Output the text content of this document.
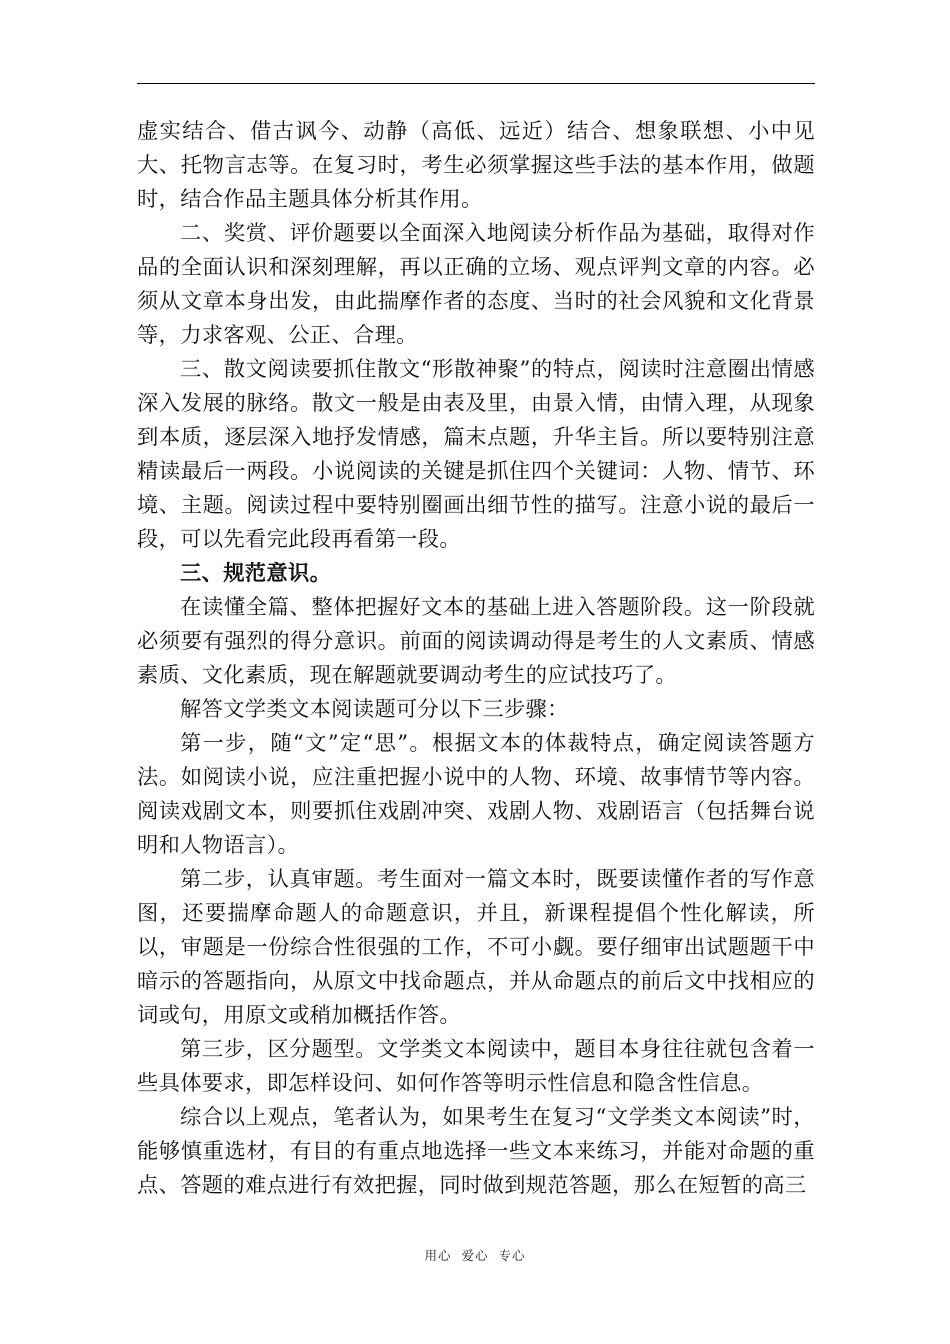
虚实结合、借古讽今、动静（高低、远近）结合、想象联想、小中见大、托物言志等。在复习时，考生必须掌握这些手法的基本作用，做题时，结合作品主题具体分析其作用。

二、奖赏、评价题要以全面深入地阅读分析作品为基础，取得对作品的全面认识和深刻理解，再以正确的立场、观点评判文章的内容。必须从文章本身出发，由此揣摩作者的态度、当时的社会风貌和文化背景等，力求客观、公正、合理。

三、散文阅读要抓住散文“形散神聚”的特点，阅读时注意圈出情感深入发展的脉络。散文一般是由表及里，由景入情，由情入理，从现象到本质，逐层深入地抒发情感，篇末点题，升华主旨。所以要特别注意精读最后一两段。小说阅读的关键是抓住四个关键词：人物、情节、环境、主题。阅读过程中要特别圈画出细节性的描写。注意小说的最后一段，可以先看完此段再看第一段。

三、规范意识。

在读懂全篇、整体把握好文本的基础上进入答题阶段。这一阶段就必须要有强烈的得分意识。前面的阅读调动得是考生的人文素质、情感素质、文化素质，现在解题就要调动考生的应试技巧了。

解答文学类文本阅读题可分以下三步骤：

第一步，随“文”定“思”。根据文本的体裁特点，确定阅读答题方法。如阅读小说，应注重把握小说中的人物、环境、故事情节等内容。阅读戏剧文本，则要抓住戏剧冲突、戏剧人物、戏剧语言（包括舞台说明和人物语言）。

第二步，认真审题。考生面对一篇文本时，既要读懂作者的写作意图，还要揣摩命题人的命题意识，并且，新课程提倡个性化解读，所以，审题是一份综合性很强的工作，不可小觑。要仔细审出试题题干中暗示的答题指向，从原文中找命题点，并从命题点的前后文中找相应的词或句，用原文或稍加概括作答。

第三步，区分题型。文学类文本阅读中，题目本身往往就包含着一些具体要求，即怎样设问、如何作答等明示性信息和隐含性信息。

综合以上观点，笔者认为，如果考生在复习“文学类文本阅读”时，能够慎重选材，有目的有重点地选择一些文本来练习，并能对命题的重点、答题的难点进行有效把握，同时做到规范答题，那么在短暂的高三

用心  爱心  专心
